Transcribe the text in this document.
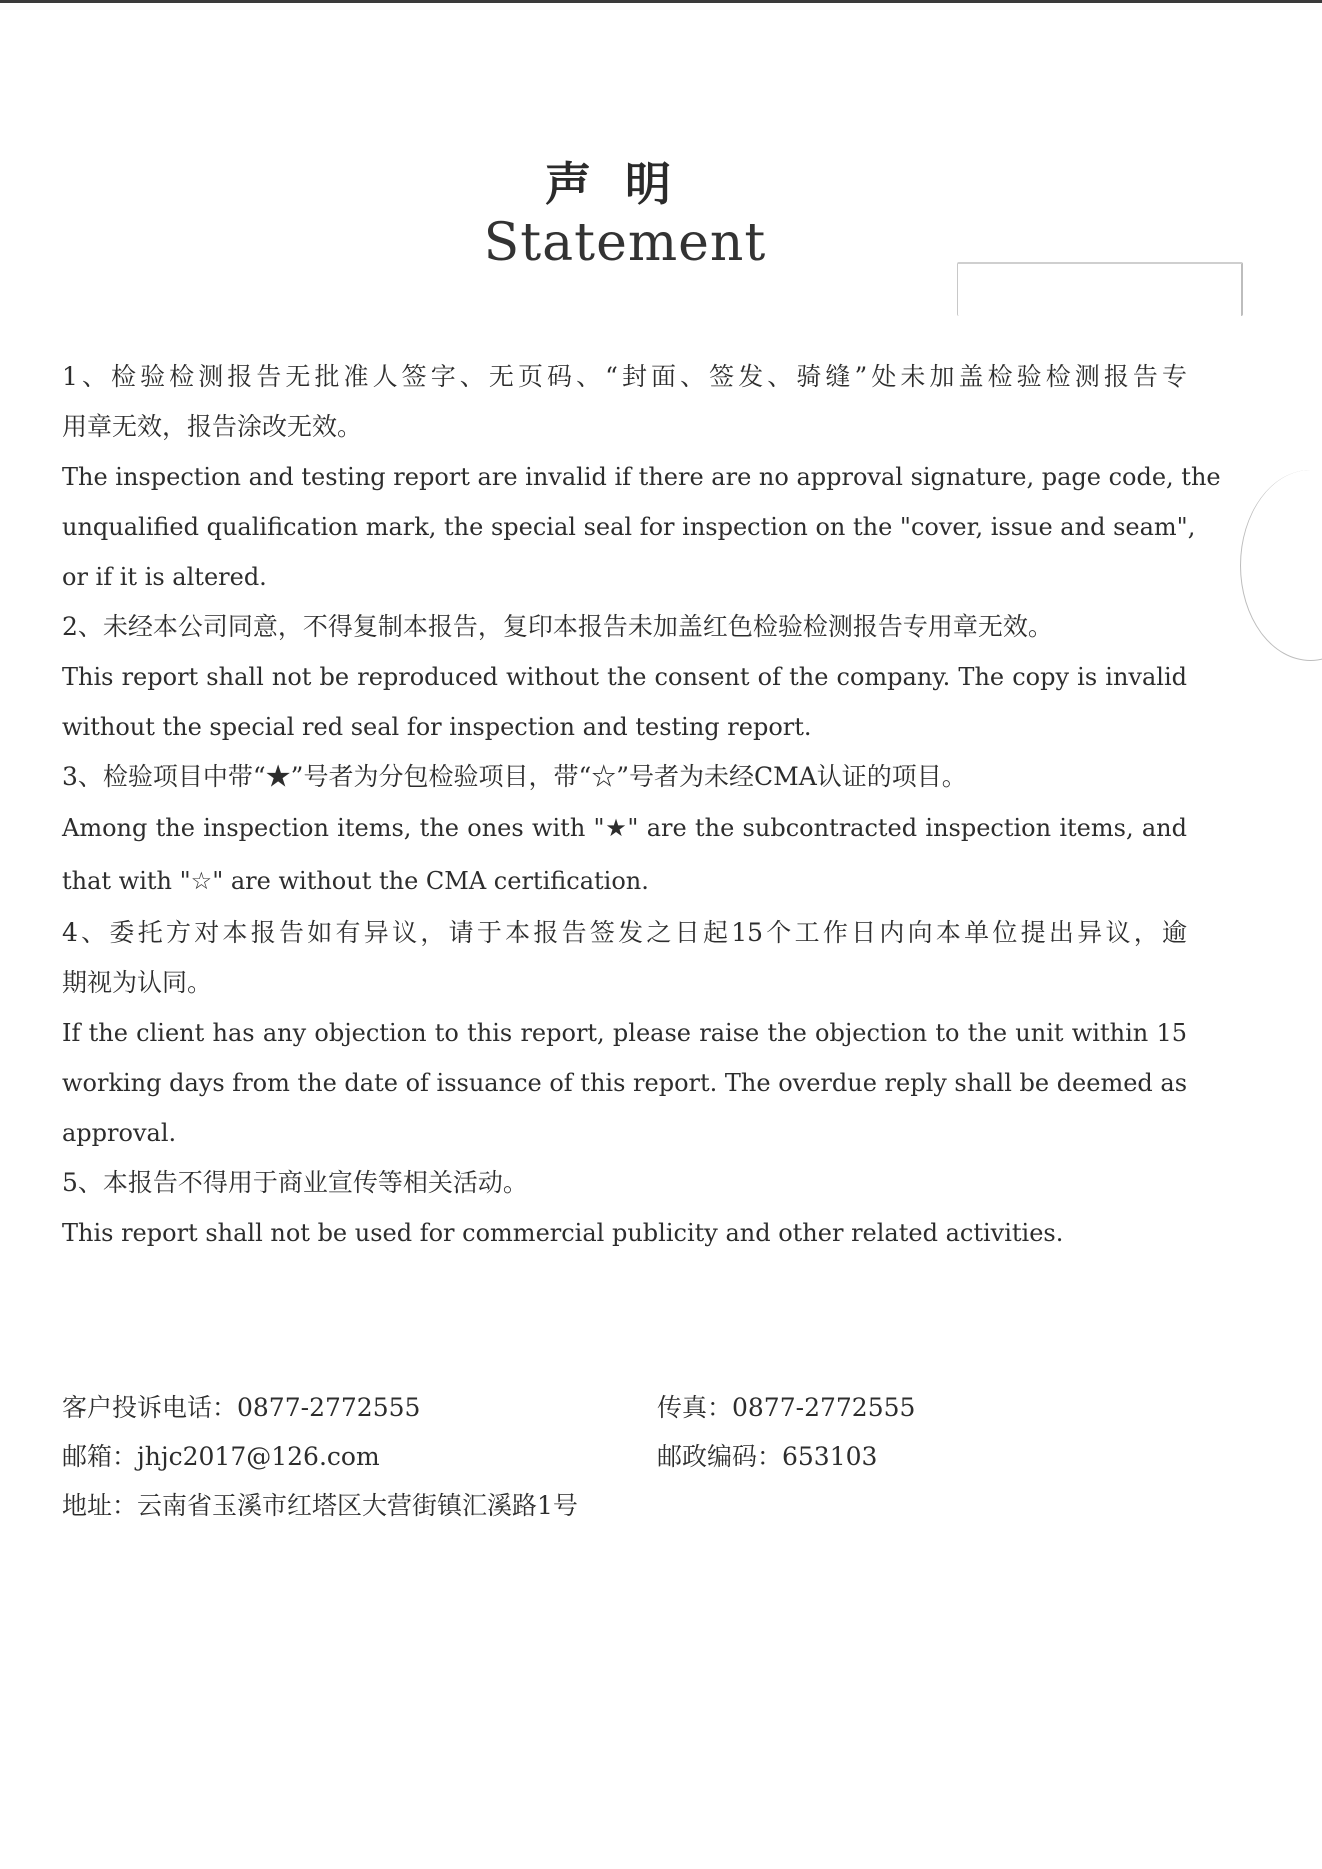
声明
Statement
1、检验检测报告无批准人签字、无页码、“封面、签发、骑缝”处未加盖检验检测报告专
用章无效，报告涂改无效。
The inspection and testing report are invalid if there are no approval signature, page code, the
unqualified qualification mark, the special seal for inspection on the "cover, issue and seam",
or if it is altered.
2、未经本公司同意，不得复制本报告，复印本报告未加盖红色检验检测报告专用章无效。
This report shall not be reproduced without the consent of the company. The copy is invalid
without the special red seal for inspection and testing report.
3、检验项目中带“★”号者为分包检验项目，带“☆”号者为未经CMA认证的项目。
Among the inspection items, the ones with "★" are the subcontracted inspection items, and
that with "☆" are without the CMA certification.
4、委托方对本报告如有异议，请于本报告签发之日起15个工作日内向本单位提出异议，逾
期视为认同。
If the client has any objection to this report, please raise the objection to the unit within 15
working days from the date of issuance of this report. The overdue reply shall be deemed as
approval.
5、本报告不得用于商业宣传等相关活动。
This report shall not be used for commercial publicity and other related activities.
客户投诉电话：0877-2772555	传真：0877-2772555
邮箱：jhjc2017@126.com	邮政编码：653103
地址：云南省玉溪市红塔区大营街镇汇溪路1号
